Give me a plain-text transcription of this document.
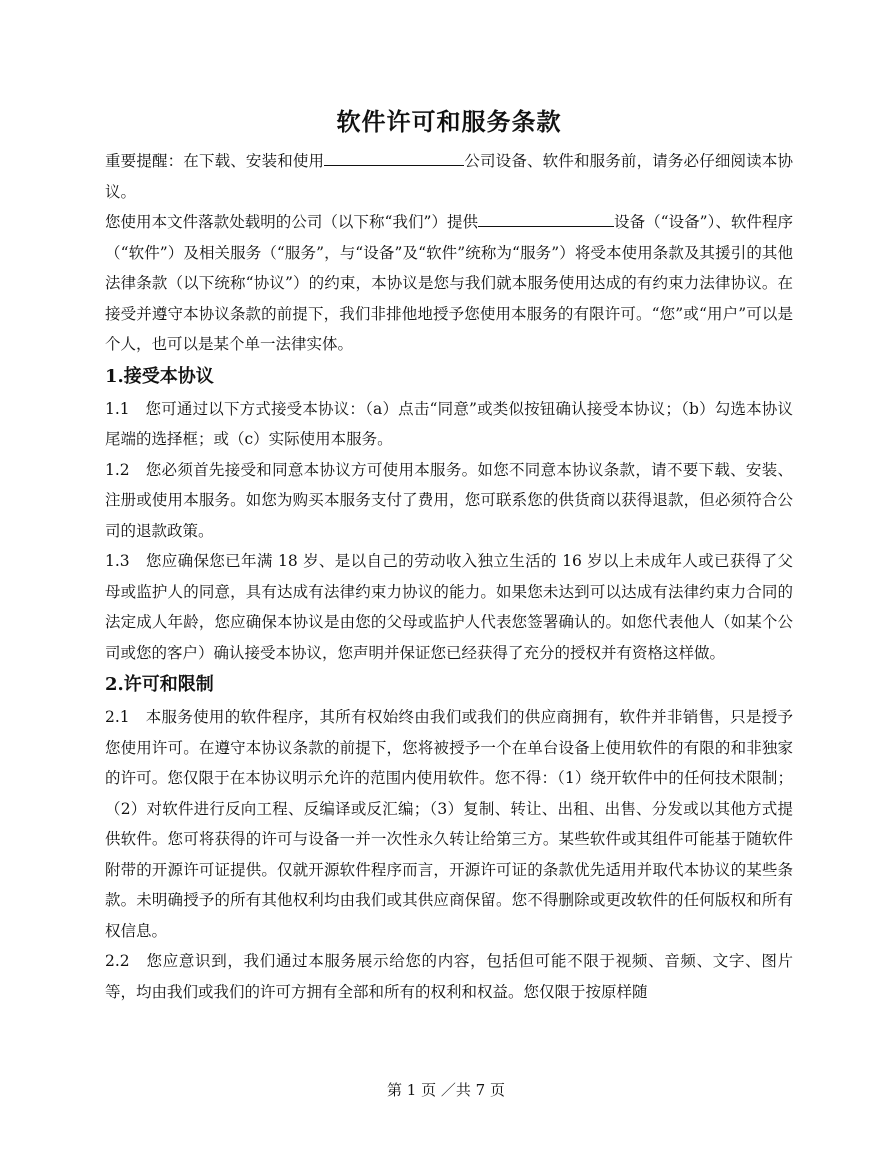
软件许可和服务条款

重要提醒：在下载、安装和使用	公司设备、软件和服务前，请务必仔细阅读本协议。

您使用本文件落款处载明的公司（以下称“我们”）提供	设备（“设备”）、软件程序（“软件”）及相关服务（“服务”，与“设备”及“软件”统称为“服务”）将受本使用条款及其援引的其他法律条款（以下统称“协议”）的约束，本协议是您与我们就本服务使用达成的有约束力法律协议。在接受并遵守本协议条款的前提下，我们非排他地授予您使用本服务的有限许可。“您”或“用户”可以是个人，也可以是某个单一法律实体。

1.接受本协议

1.1　您可通过以下方式接受本协议：（a）点击“同意”或类似按钮确认接受本协议；（b）勾选本协议尾端的选择框；或（c）实际使用本服务。

1.2　您必须首先接受和同意本协议方可使用本服务。如您不同意本协议条款，请不要下载、安装、注册或使用本服务。如您为购买本服务支付了费用，您可联系您的供货商以获得退款，但必须符合公司的退款政策。

1.3　您应确保您已年满 18 岁、是以自己的劳动收入独立生活的 16 岁以上未成年人或已获得了父母或监护人的同意，具有达成有法律约束力协议的能力。如果您未达到可以达成有法律约束力合同的法定成人年龄，您应确保本协议是由您的父母或监护人代表您签署确认的。如您代表他人（如某个公司或您的客户）确认接受本协议，您声明并保证您已经获得了充分的授权并有资格这样做。

2.许可和限制

2.1　本服务使用的软件程序，其所有权始终由我们或我们的供应商拥有，软件并非销售，只是授予您使用许可。在遵守本协议条款的前提下，您将被授予一个在单台设备上使用软件的有限的和非独家的许可。您仅限于在本协议明示允许的范围内使用软件。您不得：（1）绕开软件中的任何技术限制；（2）对软件进行反向工程、反编译或反汇编；（3）复制、转让、出租、出售、分发或以其他方式提供软件。您可将获得的许可与设备一并一次性永久转让给第三方。某些软件或其组件可能基于随软件附带的开源许可证提供。仅就开源软件程序而言，开源许可证的条款优先适用并取代本协议的某些条款。未明确授予的所有其他权利均由我们或其供应商保留。您不得删除或更改软件的任何版权和所有权信息。

2.2　您应意识到，我们通过本服务展示给您的内容，包括但可能不限于视频、音频、文字、图片等，均由我们或我们的许可方拥有全部和所有的权利和权益。您仅限于按原样随

第 1 页 ／共 7 页
